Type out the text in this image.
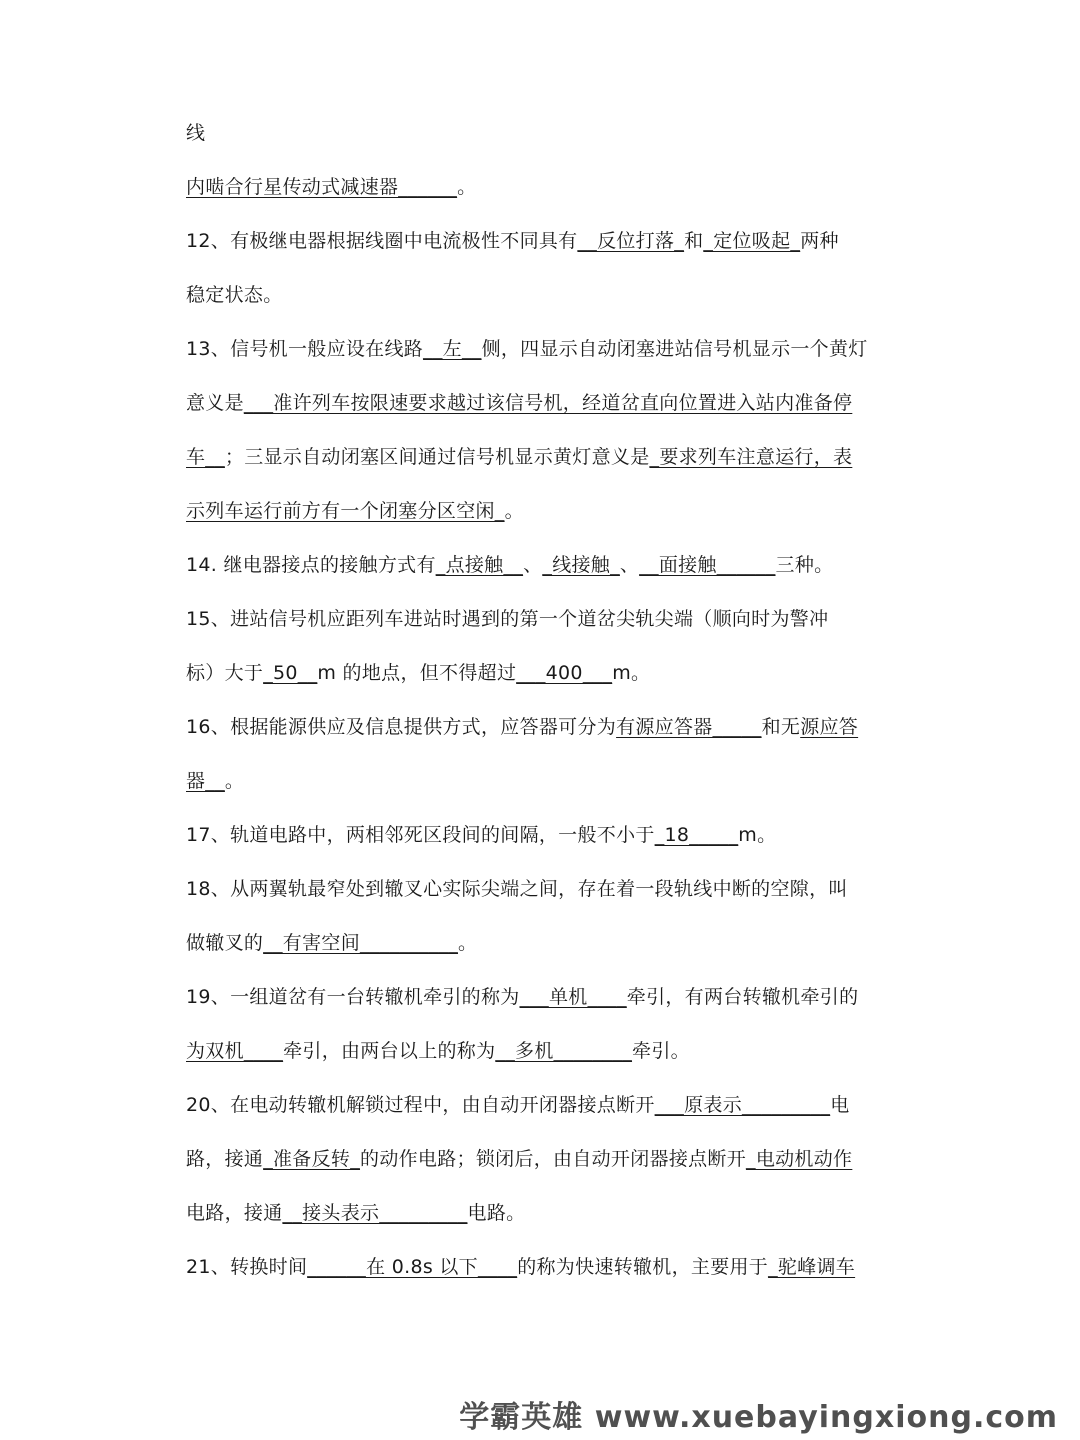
线
内啮合行星传动式减速器______。
12、有极继电器根据线圈中电流极性不同具有__反位打落_和_定位吸起_两种
稳定状态。
13、信号机一般应设在线路__左__侧，四显示自动闭塞进站信号机显示一个黄灯
意义是___准许列车按限速要求越过该信号机，经道岔直向位置进入站内准备停
车__；三显示自动闭塞区间通过信号机显示黄灯意义是_要求列车注意运行，表
示列车运行前方有一个闭塞分区空闲_。
14. 继电器接点的接触方式有_点接触__、_线接触_、__面接触______三种。
15、进站信号机应距列车进站时遇到的第一个道岔尖轨尖端（顺向时为警冲
标）大于_50__m 的地点，但不得超过___400___m。
16、根据能源供应及信息提供方式，应答器可分为有源应答器_____和无源应答
器__。
17、轨道电路中，两相邻死区段间的间隔，一般不小于_18_____m。
18、从两翼轨最窄处到辙叉心实际尖端之间，存在着一段轨线中断的空隙，叫
做辙叉的__有害空间__________。
19、一组道岔有一台转辙机牵引的称为___单机____牵引，有两台转辙机牵引的
为双机____牵引，由两台以上的称为__多机________牵引。
20、在电动转辙机解锁过程中，由自动开闭器接点断开___原表示_________电
路，接通_准备反转_的动作电路；锁闭后，由自动开闭器接点断开_电动机动作
电路，接通__接头表示_________电路。
21、转换时间______在 0.8s 以下____的称为快速转辙机，主要用于_驼峰调车
学霸英雄 www.xuebayingxiong.com
